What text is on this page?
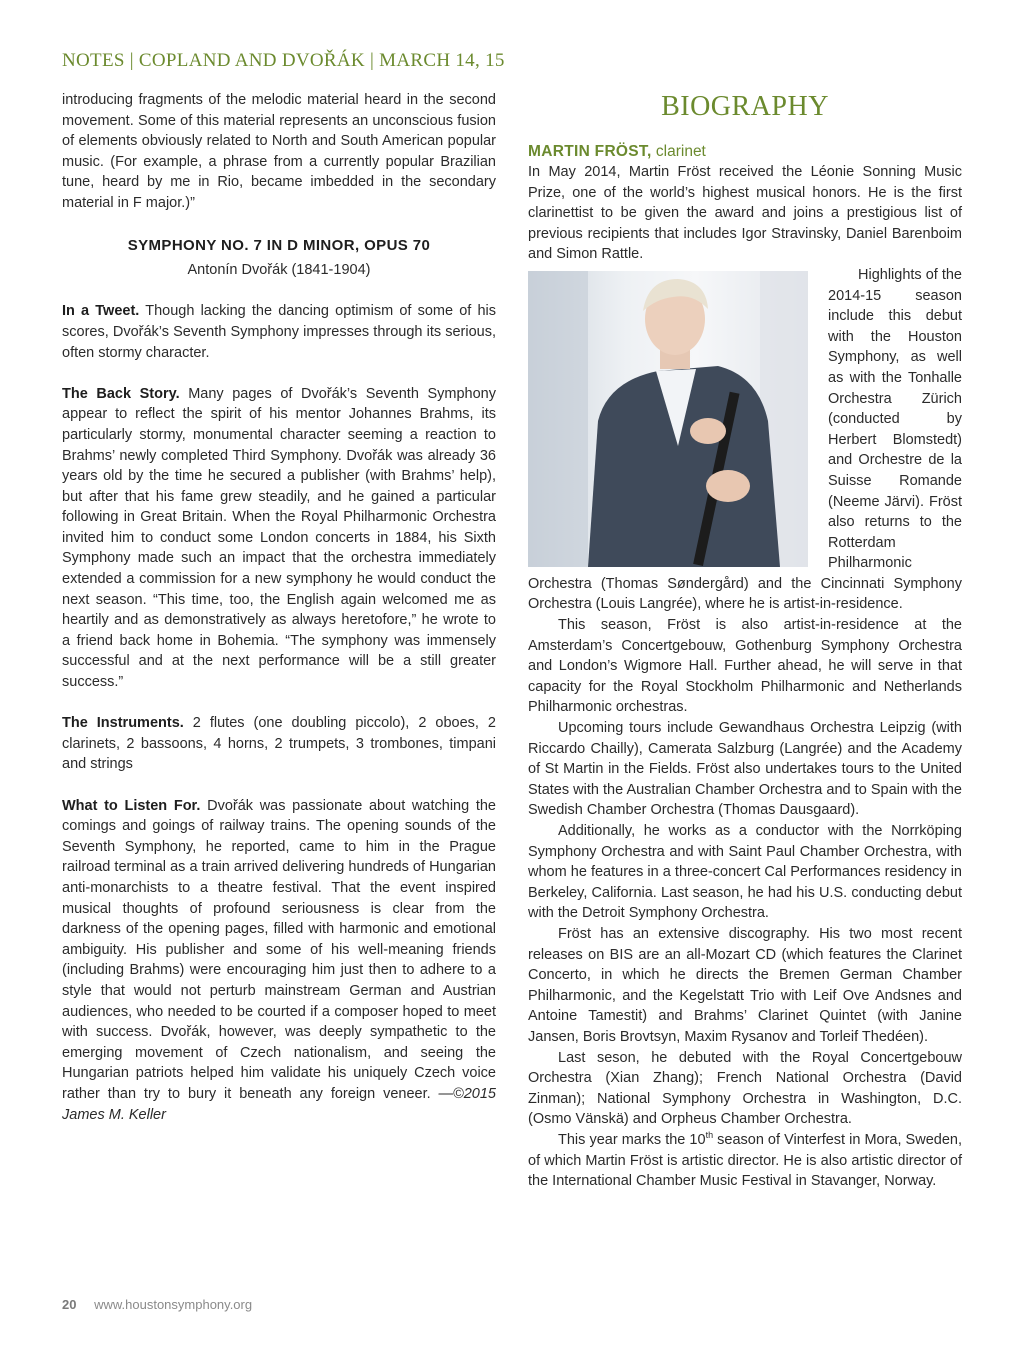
NOTES | COPLAND AND DVOŘÁK | MARCH 14, 15

introducing fragments of the melodic material heard in the second movement. Some of this material represents an unconscious fusion of elements obviously related to North and South American popular music. (For example, a phrase from a currently popular Brazilian tune, heard by me in Rio, became imbedded in the secondary material in F major.)”

SYMPHONY NO. 7 IN D MINOR, OPUS 70
Antonín Dvořák (1841-1904)

In a Tweet. Though lacking the dancing optimism of some of his scores, Dvořák’s Seventh Symphony impresses through its serious, often stormy character.

The Back Story. Many pages of Dvořák’s Seventh Symphony appear to reflect the spirit of his mentor Johannes Brahms, its particularly stormy, monumental character seeming a reaction to Brahms’ newly completed Third Symphony. Dvořák was already 36 years old by the time he secured a publisher (with Brahms’ help), but after that his fame grew steadily, and he gained a particular following in Great Britain. When the Royal Philharmonic Orchestra invited him to conduct some London concerts in 1884, his Sixth Symphony made such an impact that the orchestra immediately extended a commission for a new symphony he would conduct the next season. “This time, too, the English again welcomed me as heartily and as demonstratively as always heretofore,” he wrote to a friend back home in Bohemia. “The symphony was immensely successful and at the next performance will be a still greater success.”

The Instruments. 2 flutes (one doubling piccolo), 2 oboes, 2 clarinets, 2 bassoons, 4 horns, 2 trumpets, 3 trombones, timpani and strings

What to Listen For. Dvořák was passionate about watching the comings and goings of railway trains. The opening sounds of the Seventh Symphony, he reported, came to him in the Prague railroad terminal as a train arrived delivering hundreds of Hungarian anti-monarchists to a theatre festival. That the event inspired musical thoughts of profound seriousness is clear from the darkness of the opening pages, filled with harmonic and emotional ambiguity. His publisher and some of his well-meaning friends (including Brahms) were encouraging him just then to adhere to a style that would not perturb mainstream German and Austrian audiences, who needed to be courted if a composer hoped to meet with success. Dvořák, however, was deeply sympathetic to the emerging movement of Czech nationalism, and seeing the Hungarian patriots helped him validate his uniquely Czech voice rather than try to bury it beneath any foreign veneer. —©2015 James M. Keller

BIOGRAPHY
MARTIN FRÖST, clarinet

In May 2014, Martin Fröst received the Léonie Sonning Music Prize, one of the world’s highest musical honors. He is the first clarinettist to be given the award and joins a prestigious list of previous recipients that includes Igor Stravinsky, Daniel Barenboim and Simon Rattle.

Highlights of the 2014-15 season include this debut with the Houston Symphony, as well as with the Tonhalle Orchestra Zürich (conducted by Herbert Blomstedt) and Orchestre de la Suisse Romande (Neeme Järvi). Fröst also returns to the Rotterdam Philharmonic Orchestra (Thomas Søndergård) and the Cincinnati Symphony Orchestra (Louis Langrée), where he is artist-in-residence.

This season, Fröst is also artist-in-residence at the Amsterdam’s Concertgebouw, Gothenburg Symphony Orchestra and London’s Wigmore Hall. Further ahead, he will serve in that capacity for the Royal Stockholm Philharmonic and Netherlands Philharmonic orchestras.

Upcoming tours include Gewandhaus Orchestra Leipzig (with Riccardo Chailly), Camerata Salzburg (Langrée) and the Academy of St Martin in the Fields. Fröst also undertakes tours to the United States with the Australian Chamber Orchestra and to Spain with the Swedish Chamber Orchestra (Thomas Dausgaard).

Additionally, he works as a conductor with the Norrköping Symphony Orchestra and with Saint Paul Chamber Orchestra, with whom he features in a three-concert Cal Performances residency in Berkeley, California. Last season, he had his U.S. conducting debut with the Detroit Symphony Orchestra.

Fröst has an extensive discography. His two most recent releases on BIS are an all-Mozart CD (which features the Clarinet Concerto, in which he directs the Bremen German Chamber Philharmonic, and the Kegelstatt Trio with Leif Ove Andsnes and Antoine Tamestit) and Brahms’ Clarinet Quintet (with Janine Jansen, Boris Brovtsyn, Maxim Rysanov and Torleif Thedéen).

Last seson, he debuted with the Royal Concertgebouw Orchestra (Xian Zhang); French National Orchestra (David Zinman); National Symphony Orchestra in Washington, D.C. (Osmo Vänskä) and Orpheus Chamber Orchestra.

This year marks the 10th season of Vinterfest in Mora, Sweden, of which Martin Fröst is artistic director. He is also artistic director of the International Chamber Music Festival in Stavanger, Norway.

20 www.houstonsymphony.org
